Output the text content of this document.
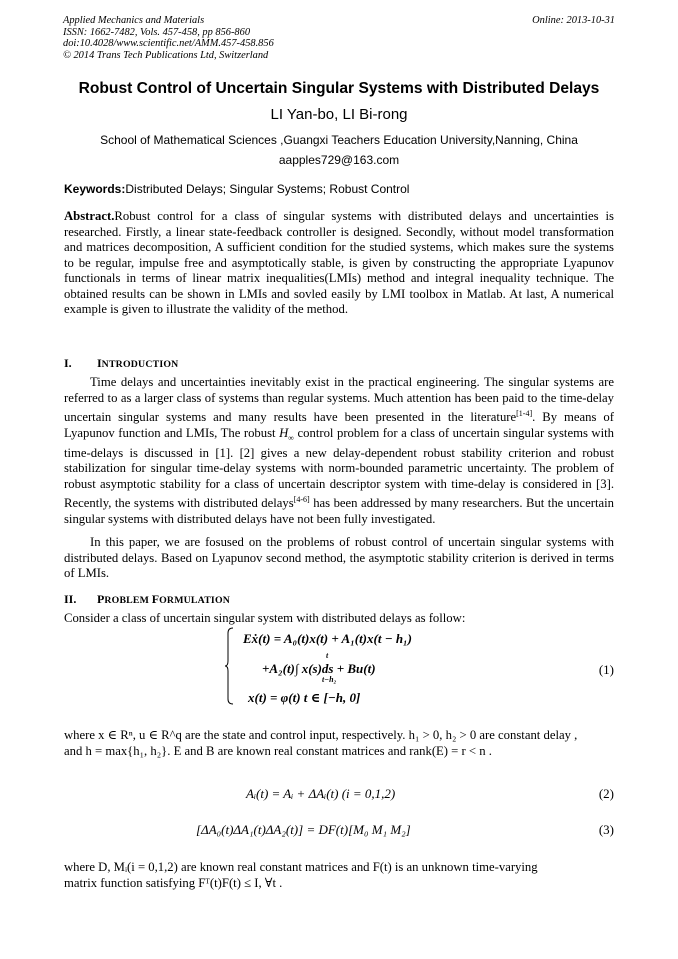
Applied Mechanics and Materials
ISSN: 1662-7482, Vols. 457-458, pp 856-860
doi:10.4028/www.scientific.net/AMM.457-458.856
© 2014 Trans Tech Publications Ltd, Switzerland
Online: 2013-10-31
Robust Control of Uncertain Singular Systems with Distributed Delays
LI Yan-bo, LI Bi-rong
School of Mathematical Sciences ,Guangxi Teachers Education University,Nanning, China
aapples729@163.com
Keywords:Distributed Delays; Singular Systems; Robust Control
Abstract.Robust control for a class of singular systems with distributed delays and uncertainties is researched. Firstly, a linear state-feedback controller is designed. Secondly, without model transformation and matrices decomposition, A sufficient condition for the studied systems, which makes sure the systems to be regular, impulse free and asymptotically stable, is given by constructing the appropriate Lyapunov functionals in terms of linear matrix inequalities(LMIs) method and integral inequality technique. The obtained results can be shown in LMIs and sovled easily by LMI toolbox in Matlab. At last, A numerical example is given to illustrate the validity of the method.
I. INTRODUCTION
Time delays and uncertainties inevitably exist in the practical engineering. The singular systems are referred to as a larger class of systems than regular systems. Much attention has been paid to the time-delay uncertain singular systems and many results have been presented in the literature[1-4]. By means of Lyapunov function and LMIs, The robust $H_\infty$ control problem for a class of uncertain singular systems with time-delays is discussed in [1]. [2] gives a new delay-dependent robust stability criterion and robust stabilization for singular time-delay systems with norm-bounded parametric uncertainty. The problem of robust asymptotic stability for a class of uncertain descriptor system with time-delay is considered in [3]. Recently, the systems with distributed delays[4-6] has been addressed by many researchers. But the uncertain singular systems with distributed delays have not been fully investigated.
In this paper, we are fosused on the problems of robust control of uncertain singular systems with distributed delays. Based on Lyapunov second method, the asymptotic stability criterion is derived in terms of LMIs.
II. PROBLEM FORMULATION
Consider a class of uncertain singular system with distributed delays as follow:
Eẋ(t) = A₀(t)x(t) + A₁(t)x(t − h₁)
+A₂(t)∫ x(s)ds + Bu(t)
t
t−h₂
x(t) = φ(t) t ∈ [−h, 0]
(1)
where x ∈ Rⁿ, u ∈ R^q are the state and control input, respectively. h₁ > 0, h₂ > 0 are constant delay ,
and h = max{h₁, h₂}. E and B are known real constant matrices and rank(E) = r < n .
Aᵢ(t) = Aᵢ + ΔAᵢ(t) (i = 0,1,2)	(2)
[ΔA₀(t)ΔA₁(t)ΔA₂(t)] = DF(t)[M₀ M₁ M₂]	(3)
where D, Mᵢ(i = 0,1,2) are known real constant matrices and F(t) is an unknown time-varying
matrix function satisfying Fᵀ(t)F(t) ≤ I, ∀t .
